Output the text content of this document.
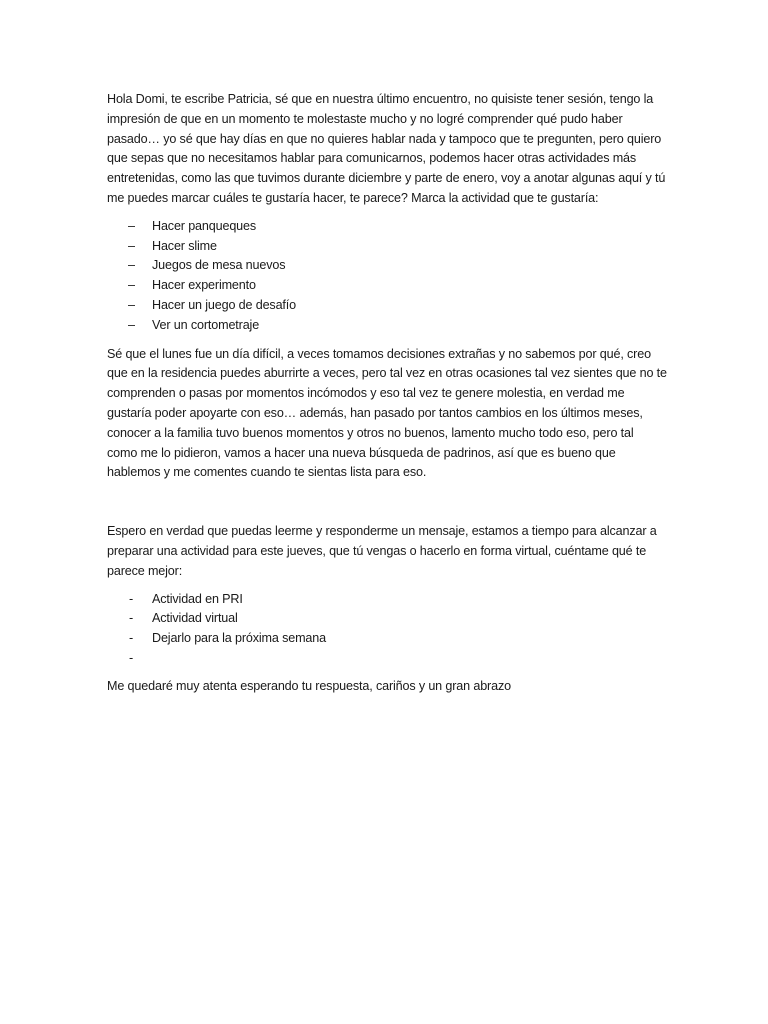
Hola Domi, te escribe Patricia, sé que en nuestra último encuentro, no quisiste tener sesión, tengo la impresión de que en un momento te molestaste mucho y no logré comprender qué pudo haber pasado… yo sé que hay días en que no quieres hablar nada y tampoco que te pregunten, pero quiero que sepas que no necesitamos hablar para comunicarnos, podemos hacer otras actividades más entretenidas, como las que tuvimos durante diciembre y parte de enero, voy a anotar algunas aquí y tú me puedes marcar cuáles te gustaría hacer, te parece? Marca la actividad que te gustaría:

– Hacer panqueques
– Hacer slime
– Juegos de mesa nuevos
– Hacer experimento
– Hacer un juego de desafío
– Ver un cortometraje

Sé que el lunes fue un día difícil, a veces tomamos decisiones extrañas y no sabemos por qué, creo que en la residencia puedes aburrirte a veces, pero tal vez en otras ocasiones tal vez sientes que no te comprenden o pasas por momentos incómodos y eso tal vez te genere molestia, en verdad me gustaría poder apoyarte con eso… además, han pasado por tantos cambios en los últimos meses, conocer a la familia tuvo buenos momentos y otros no buenos, lamento mucho todo eso, pero tal como me lo pidieron, vamos a hacer una nueva búsqueda de padrinos, así que es bueno que hablemos y me comentes cuando te sientas lista para eso.

Espero en verdad que puedas leerme y responderme un mensaje, estamos a tiempo para alcanzar a preparar una actividad para este jueves, que tú vengas o hacerlo en forma virtual, cuéntame qué te parece mejor:

- Actividad en PRI
- Actividad virtual
- Dejarlo para la próxima semana
-

Me quedaré muy atenta esperando tu respuesta, cariños y un gran abrazo
